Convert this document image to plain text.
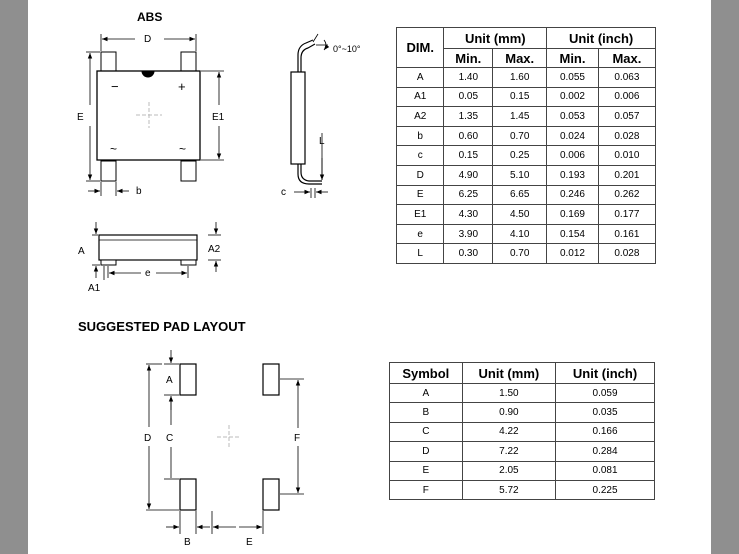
ABS
SUGGESTED PAD LAYOUT
D
E	E1
b
−	+
~	~
0°~10°
L
c
A
A1
A2
e
A
C
D	F
B	E
DIM.	Unit (mm)		Unit (inch)	
	Min.	Max.	Min.	Max.
A	1.40	1.60	0.055	0.063
A1	0.05	0.15	0.002	0.006
A2	1.35	1.45	0.053	0.057
b	0.60	0.70	0.024	0.028
c	0.15	0.25	0.006	0.010
D	4.90	5.10	0.193	0.201
E	6.25	6.65	0.246	0.262
E1	4.30	4.50	0.169	0.177
e	3.90	4.10	0.154	0.161
L	0.30	0.70	0.012	0.028
Symbol	Unit (mm)	Unit (inch)
A	1.50	0.059
B	0.90	0.035
C	4.22	0.166
D	7.22	0.284
E	2.05	0.081
F	5.72	0.225
